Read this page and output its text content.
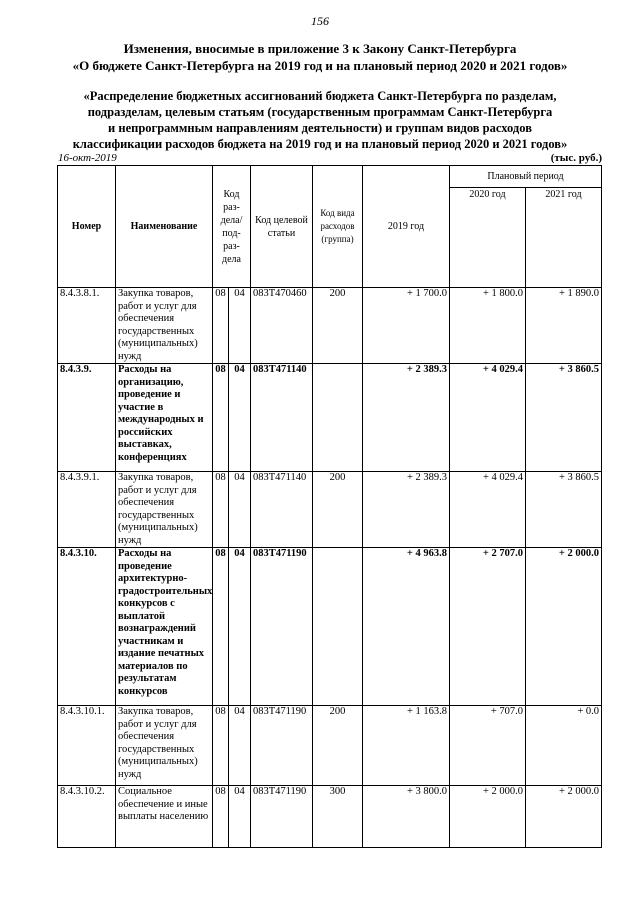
156
Изменения, вносимые в приложение 3 к Закону Санкт-Петербурга
«О бюджете Санкт-Петербурга на 2019 год и на плановый период 2020 и 2021 годов»
«Распределение бюджетных ассигнований бюджета Санкт-Петербурга по разделам,
подразделам, целевым статьям (государственным программам Санкт-Петербурга
и непрограммным направлениям деятельности) и группам видов расходов
классификации расходов бюджета на 2019 год и на плановый период 2020 и 2021 годов»
16-окт-2019	(тыс. руб.)
Номер	Наименование	Код раз-дела/ под-раз-дела		Код целевой статьи	Код вида расходов (группа)	2019 год	Плановый период	
							2020 год	2021 год
8.4.3.8.1.	Закупка товаров, работ и услуг для обеспечения государственных (муниципальных) нужд	08	04	083Т470460	200	+ 1 700.0	+ 1 800.0	+ 1 890.0
8.4.3.9.	Расходы на организацию, проведение и участие в международных и российских выставках, конференциях	08	04	083Т471140		+ 2 389.3	+ 4 029.4	+ 3 860.5
8.4.3.9.1.	Закупка товаров, работ и услуг для обеспечения государственных (муниципальных) нужд	08	04	083Т471140	200	+ 2 389.3	+ 4 029.4	+ 3 860.5
8.4.3.10.	Расходы на проведение архитектурно-градостроительных конкурсов с выплатой вознаграждений участникам и издание печатных материалов по результатам конкурсов	08	04	083Т471190		+ 4 963.8	+ 2 707.0	+ 2 000.0
8.4.3.10.1.	Закупка товаров, работ и услуг для обеспечения государственных (муниципальных) нужд	08	04	083Т471190	200	+ 1 163.8	+ 707.0	+ 0.0
8.4.3.10.2.	Социальное обеспечение и иные выплаты населению	08	04	083Т471190	300	+ 3 800.0	+ 2 000.0	+ 2 000.0
